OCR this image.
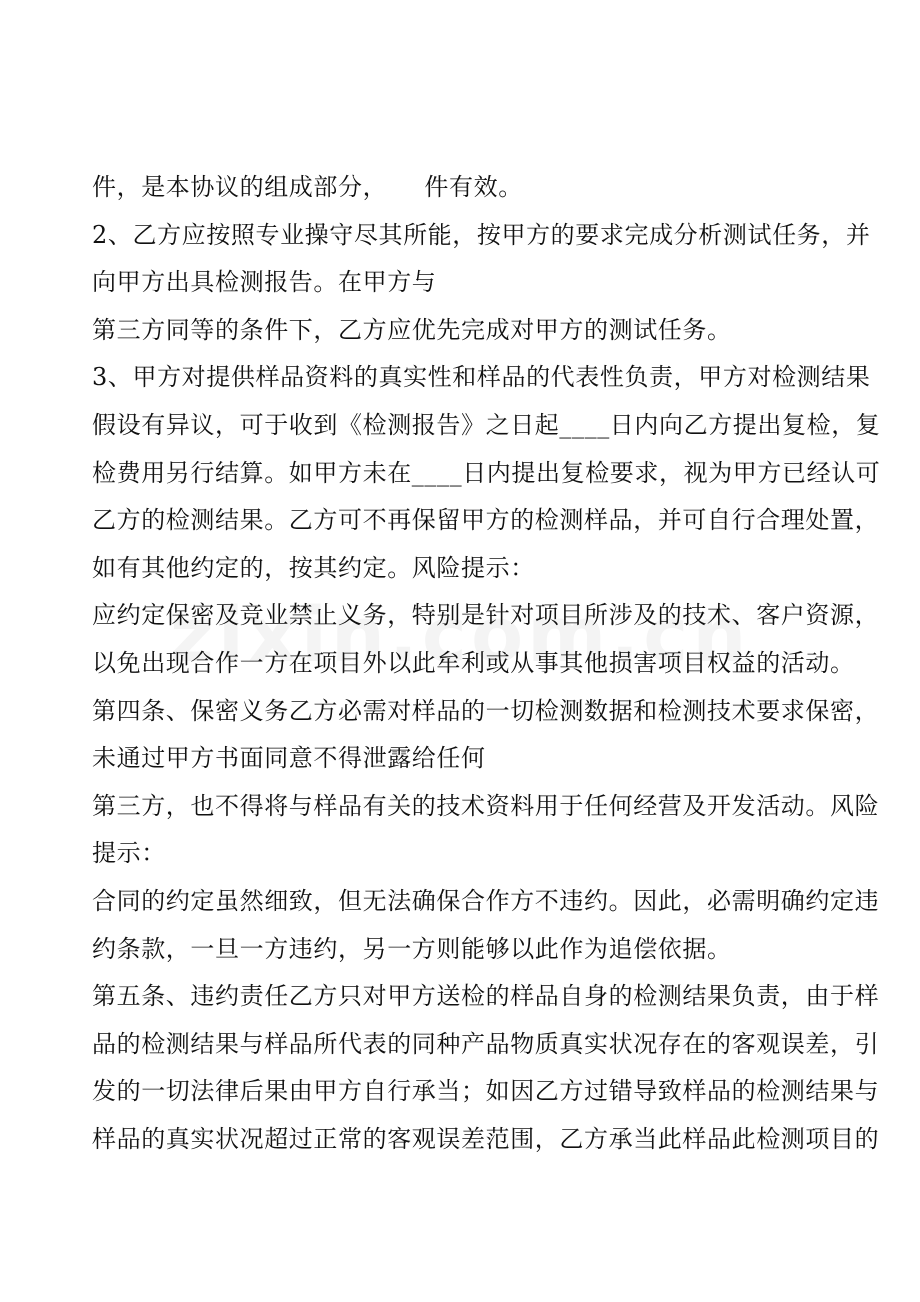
件，是本协议的组成部分，　　件有效。
2、乙方应按照专业操守尽其所能，按甲方的要求完成分析测试任务，并
向甲方出具检测报告。在甲方与
第三方同等的条件下，乙方应优先完成对甲方的测试任务。
3、甲方对提供样品资料的真实性和样品的代表性负责，甲方对检测结果
假设有异议，可于收到《检测报告》之日起____日内向乙方提出复检，复
检费用另行结算。如甲方未在____日内提出复检要求，视为甲方已经认可
乙方的检测结果。乙方可不再保留甲方的检测样品，并可自行合理处置，
如有其他约定的，按其约定。风险提示：
应约定保密及竞业禁止义务，特别是针对项目所涉及的技术、客户资源，
以免出现合作一方在项目外以此牟利或从事其他损害项目权益的活动。
第四条、保密义务乙方必需对样品的一切检测数据和检测技术要求保密，
未通过甲方书面同意不得泄露给任何
第三方，也不得将与样品有关的技术资料用于任何经营及开发活动。风险
提示：
合同的约定虽然细致，但无法确保合作方不违约。因此，必需明确约定违
约条款，一旦一方违约，另一方则能够以此作为追偿依据。
第五条、违约责任乙方只对甲方送检的样品自身的检测结果负责，由于样
品的检测结果与样品所代表的同种产品物质真实状况存在的客观误差，引
发的一切法律后果由甲方自行承当；如因乙方过错导致样品的检测结果与
样品的真实状况超过正常的客观误差范围，乙方承当此样品此检测项目的
